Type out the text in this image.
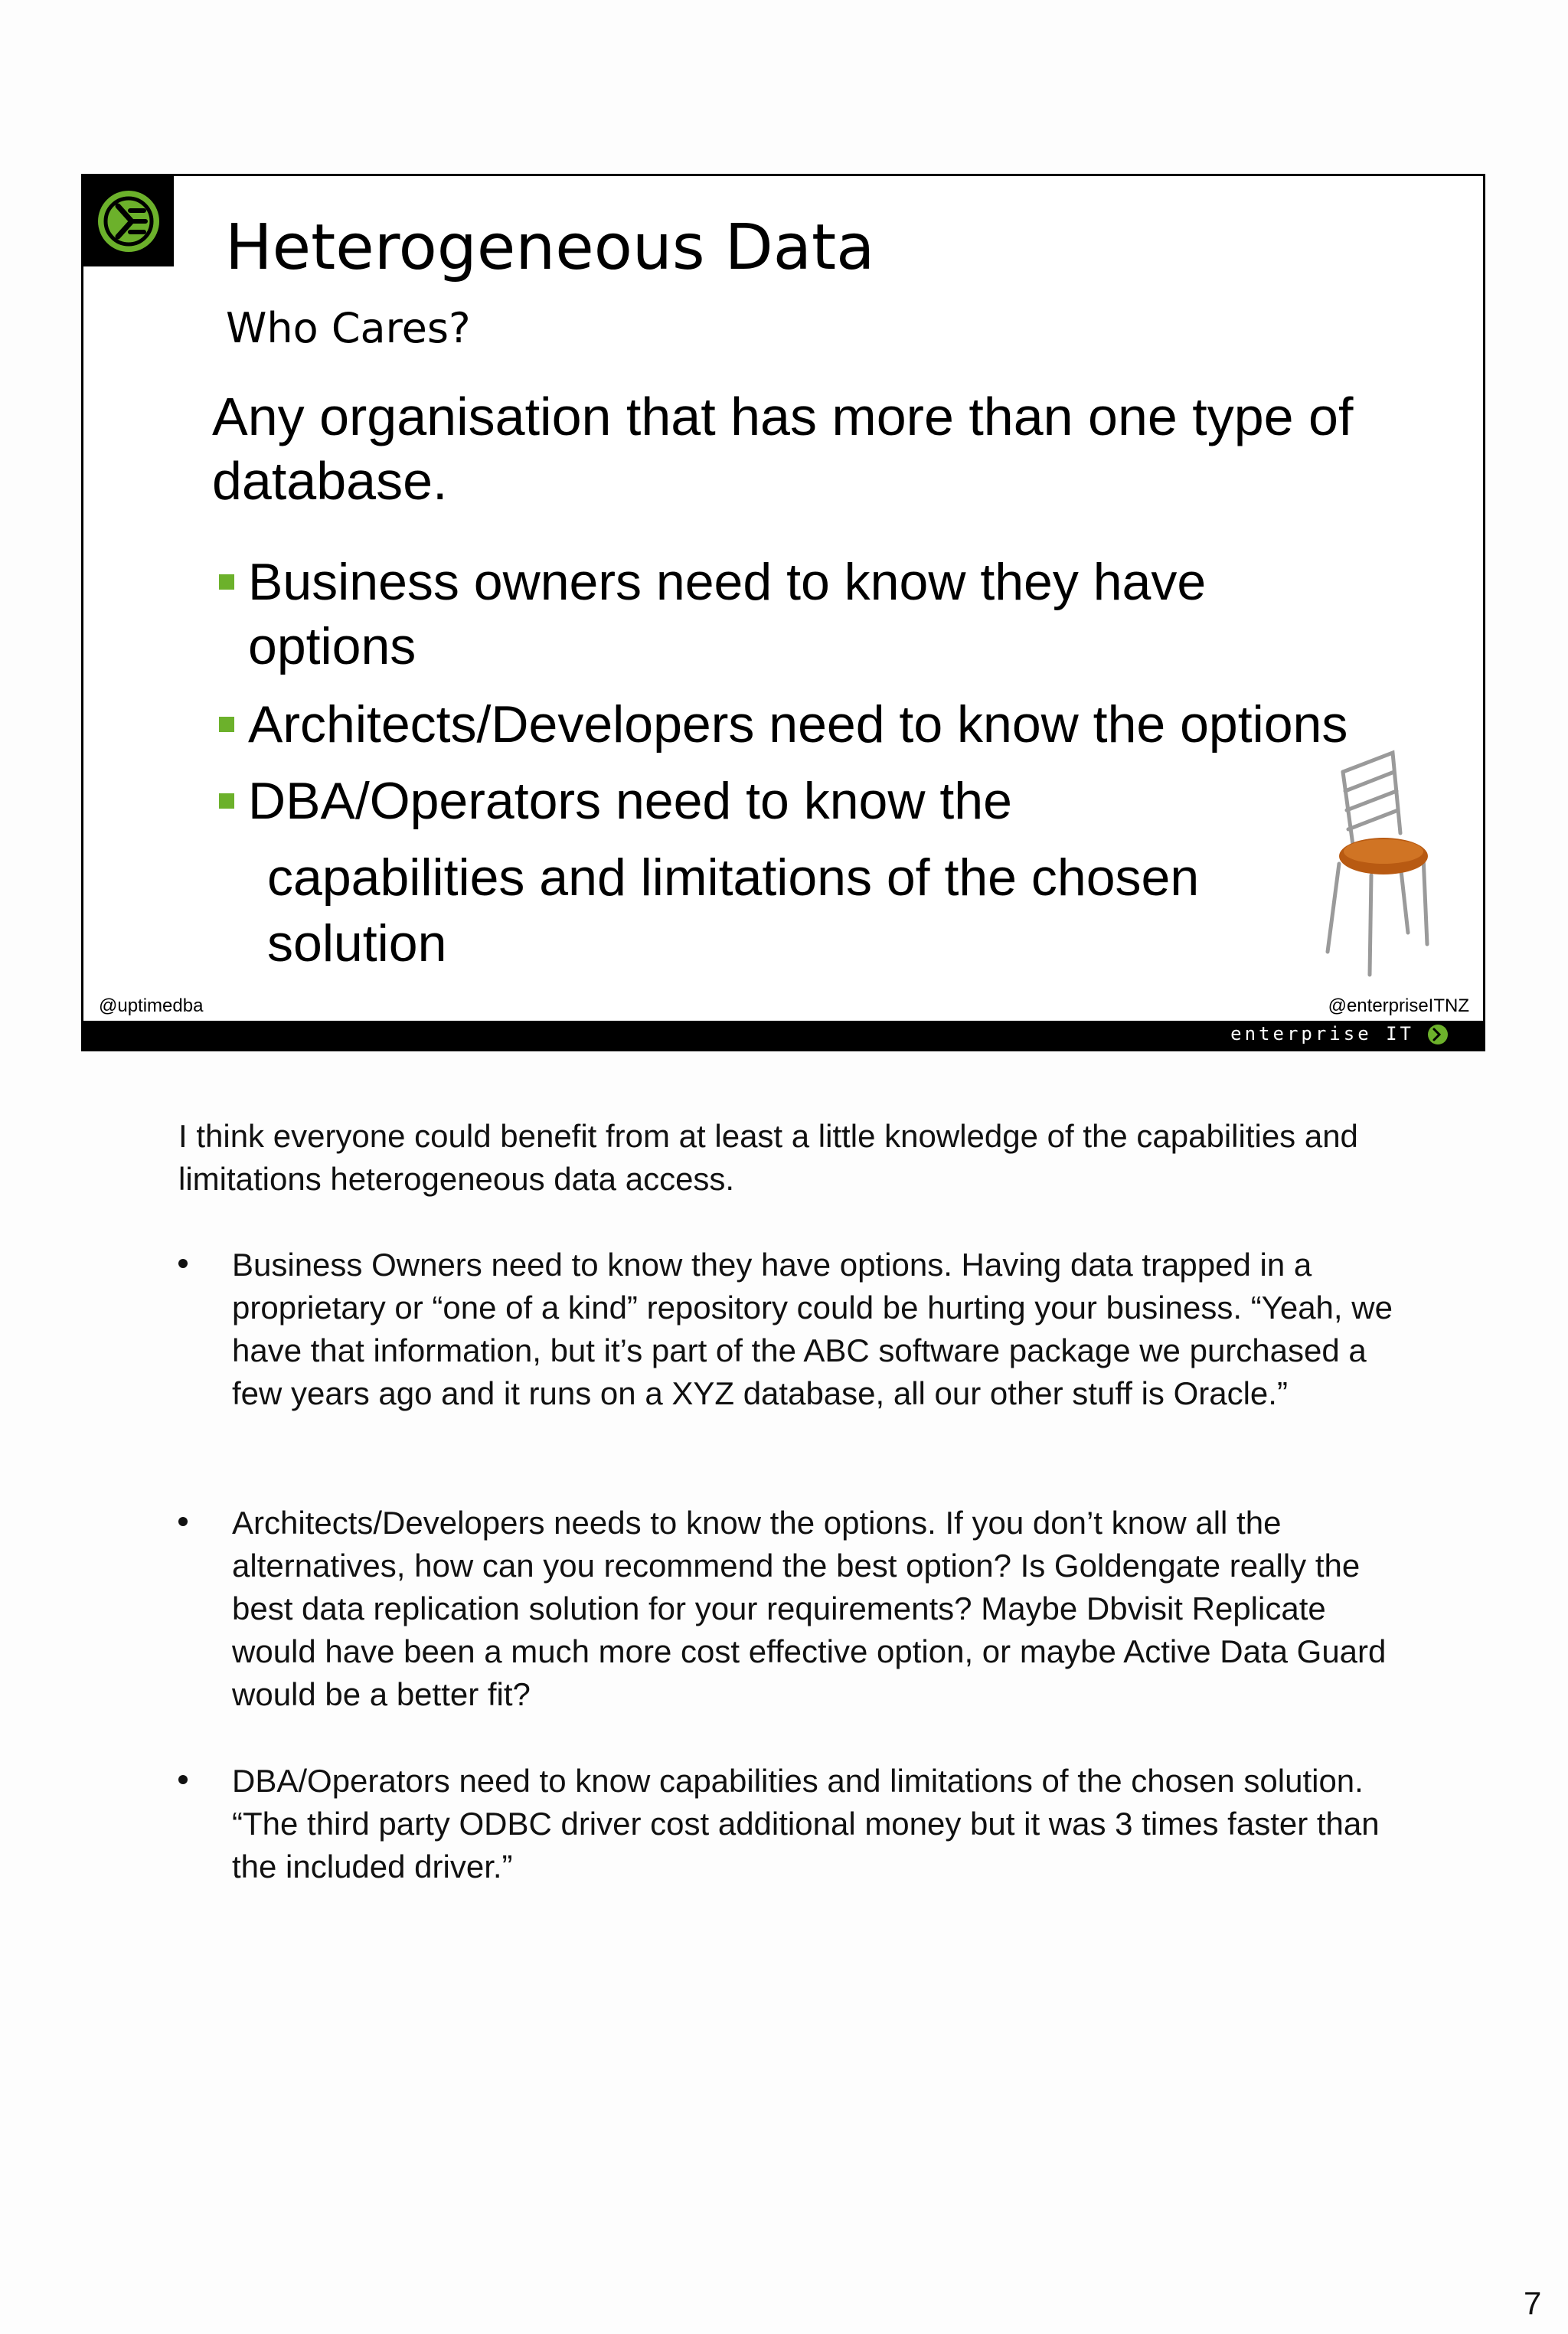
Heterogeneous Data
Who Cares?
Any organisation that has more than one type of database.
Business owners need to know they have
options
Architects/Developers need to know the options
DBA/Operators need to know the
capabilities and limitations of the chosen
solution
@uptimedba	@enterpriseITNZ
enterprise IT

I think everyone could benefit from at least a little knowledge of the capabilities and limitations heterogeneous data access.

Business Owners need to know they have options. Having data trapped in a proprietary or “one of a kind” repository could be hurting your business. “Yeah, we have that information, but it’s part of the ABC software package we purchased a few years ago and it runs on a XYZ database, all our other stuff is Oracle.”
Architects/Developers needs to know the options. If you don’t know all the alternatives, how can you recommend the best option? Is Goldengate really the best data replication solution for your requirements? Maybe Dbvisit Replicate would have been a much more cost effective option, or maybe Active Data Guard would be a better fit?
DBA/Operators need to know capabilities and limitations of the chosen solution. “The third party ODBC driver cost additional money but it was 3 times faster than the included driver.”
7
